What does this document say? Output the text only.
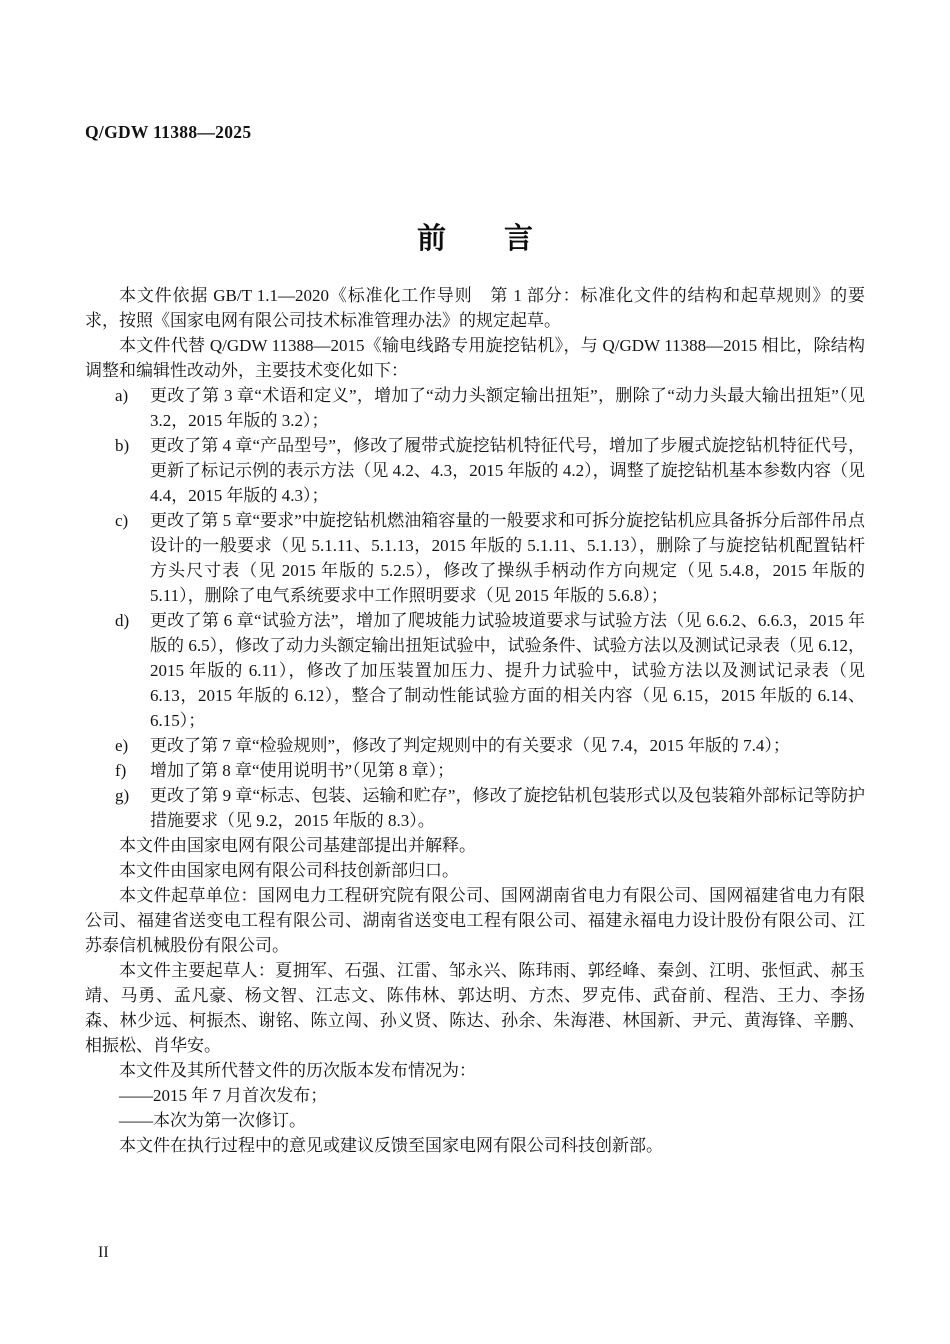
Q/GDW 11388—2025
前　　言

本文件依据 GB/T 1.1—2020《标准化工作导则　第 1 部分：标准化文件的结构和起草规则》的要求，按照《国家电网有限公司技术标准管理办法》的规定起草。

本文件代替 Q/GDW 11388—2015《输电线路专用旋挖钻机》，与 Q/GDW 11388—2015 相比，除结构调整和编辑性改动外，主要技术变化如下：

a) 更改了第 3 章“术语和定义”，增加了“动力头额定输出扭矩”，删除了“动力头最大输出扭矩”（见 3.2，2015 年版的 3.2）；
b) 更改了第 4 章“产品型号”，修改了履带式旋挖钻机特征代号，增加了步履式旋挖钻机特征代号，更新了标记示例的表示方法（见 4.2、4.3，2015 年版的 4.2），调整了旋挖钻机基本参数内容（见 4.4，2015 年版的 4.3）；
c) 更改了第 5 章“要求”中旋挖钻机燃油箱容量的一般要求和可拆分旋挖钻机应具备拆分后部件吊点设计的一般要求（见 5.1.11、5.1.13，2015 年版的 5.1.11、5.1.13），删除了与旋挖钻机配置钻杆方头尺寸表（见 2015 年版的 5.2.5），修改了操纵手柄动作方向规定（见 5.4.8，2015 年版的 5.11），删除了电气系统要求中工作照明要求（见 2015 年版的 5.6.8）；
d) 更改了第 6 章“试验方法”，增加了爬坡能力试验坡道要求与试验方法（见 6.6.2、6.6.3，2015 年版的 6.5），修改了动力头额定输出扭矩试验中，试验条件、试验方法以及测试记录表（见 6.12，2015 年版的 6.11），修改了加压装置加压力、提升力试验中，试验方法以及测试记录表（见 6.13，2015 年版的 6.12），整合了制动性能试验方面的相关内容（见 6.15，2015 年版的 6.14、6.15）；
e) 更改了第 7 章“检验规则”，修改了判定规则中的有关要求（见 7.4，2015 年版的 7.4）；
f) 增加了第 8 章“使用说明书”（见第 8 章）；
g) 更改了第 9 章“标志、包装、运输和贮存”，修改了旋挖钻机包装形式以及包装箱外部标记等防护措施要求（见 9.2，2015 年版的 8.3）。

本文件由国家电网有限公司基建部提出并解释。

本文件由国家电网有限公司科技创新部归口。

本文件起草单位：国网电力工程研究院有限公司、国网湖南省电力有限公司、国网福建省电力有限公司、福建省送变电工程有限公司、湖南省送变电工程有限公司、福建永福电力设计股份有限公司、江苏泰信机械股份有限公司。

本文件主要起草人：夏拥军、石强、江雷、邹永兴、陈玮雨、郭经峰、秦剑、江明、张恒武、郝玉靖、马勇、孟凡豪、杨文智、江志文、陈伟林、郭达明、方杰、罗克伟、武奋前、程浩、王力、李扬森、林少远、柯振杰、谢铭、陈立闯、孙义贤、陈达、孙余、朱海港、林国新、尹元、黄海锋、辛鹏、相振松、肖华安。

本文件及其所代替文件的历次版本发布情况为：

——2015 年 7 月首次发布；

——本次为第一次修订。

本文件在执行过程中的意见或建议反馈至国家电网有限公司科技创新部。

II
